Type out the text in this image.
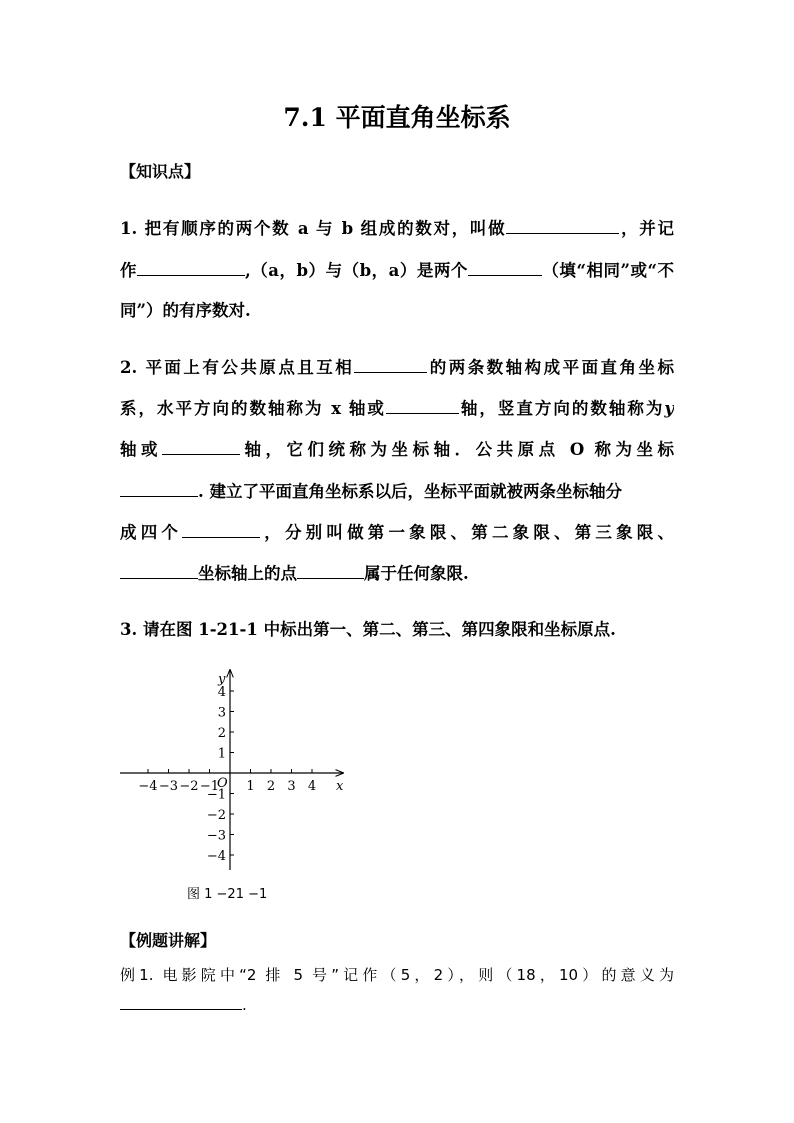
7.1 平面直角坐标系
【知识点】
1. 把有顺序的两个数 a 与 b 组成的数对，叫做	，并记
作	,（a，b）与（b，a）是两个	（填“相同”或“不
同”）的有序数对.
2. 平面上有公共原点且互相	的两条数轴构成平面直角坐标
系，水平方向的数轴称为 x 轴或	轴，竖直方向的数轴称为y
轴或	轴，它们统称为坐标轴．公共原点 O 称为坐标
. 建立了平面直角坐标系以后，坐标平面就被两条坐标轴分
成四个	，分别叫做第一象限、第二象限、第三象限、
坐标轴上的点	属于任何象限.
3. 请在图 1-21-1 中标出第一、第二、第三、第四象限和坐标原点.
−4 −3 −2 −1 1 2 3 4
−4
−3
−2
−1
1
2
3
4
x
y
O
图 1 −21 −1
【例题讲解】
例1. 电影院中“2 排 5 号”记作（5，2），则（18，10）的意义为
.
